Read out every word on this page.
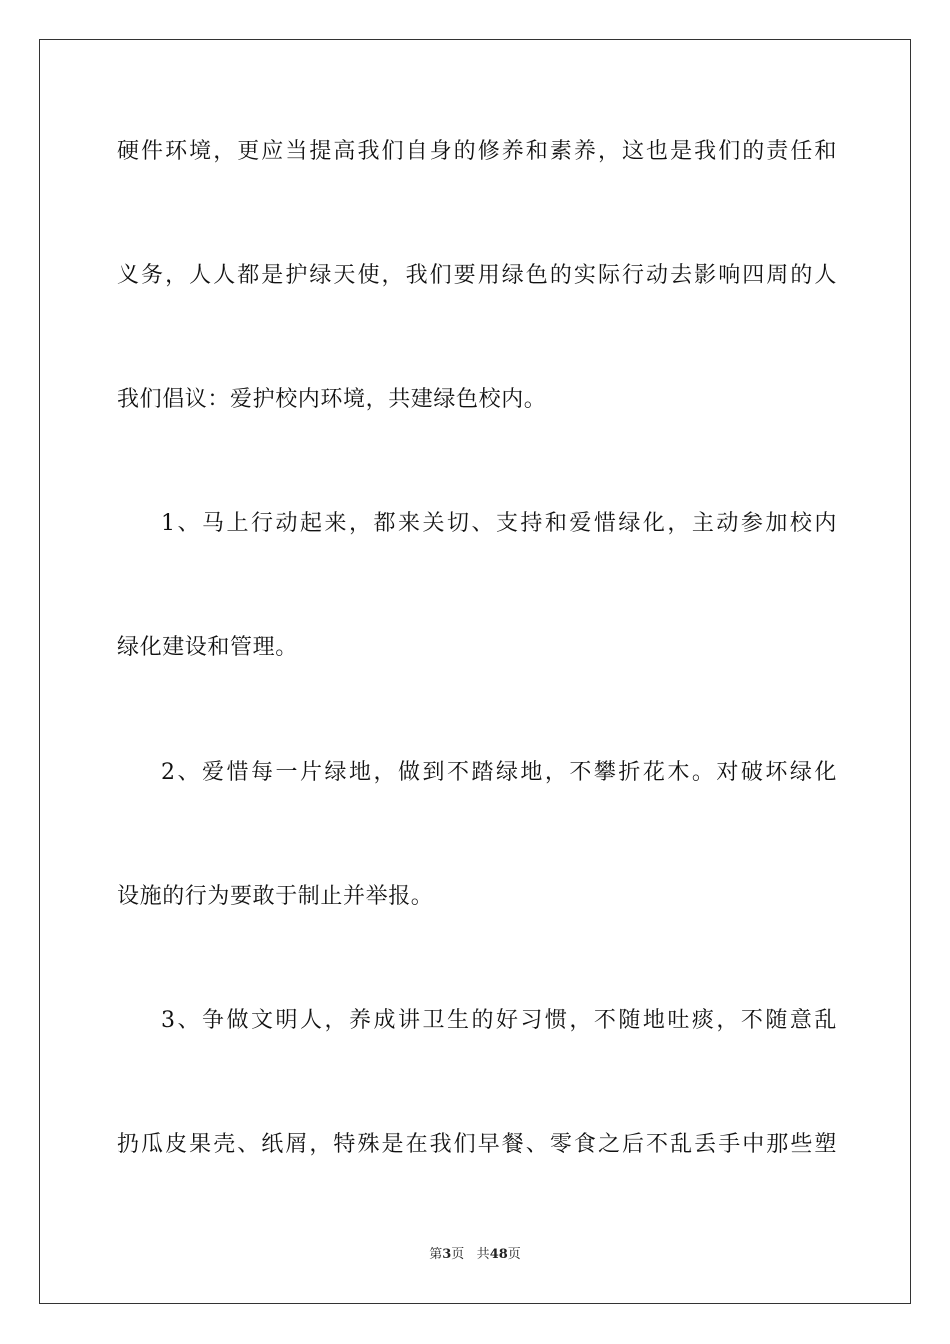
硬件环境，更应当提高我们自身的修养和素养，这也是我们的责任和
义务，人人都是护绿天使，我们要用绿色的实际行动去影响四周的人
我们倡议：爱护校内环境，共建绿色校内。
1、马上行动起来，都来关切、支持和爱惜绿化，主动参加校内
绿化建设和管理。
2、爱惜每一片绿地，做到不踏绿地，不攀折花木。对破坏绿化
设施的行为要敢于制止并举报。
3、争做文明人，养成讲卫生的好习惯，不随地吐痰，不随意乱
扔瓜皮果壳、纸屑，特殊是在我们早餐、零食之后不乱丢手中那些塑
第3页 共48页
